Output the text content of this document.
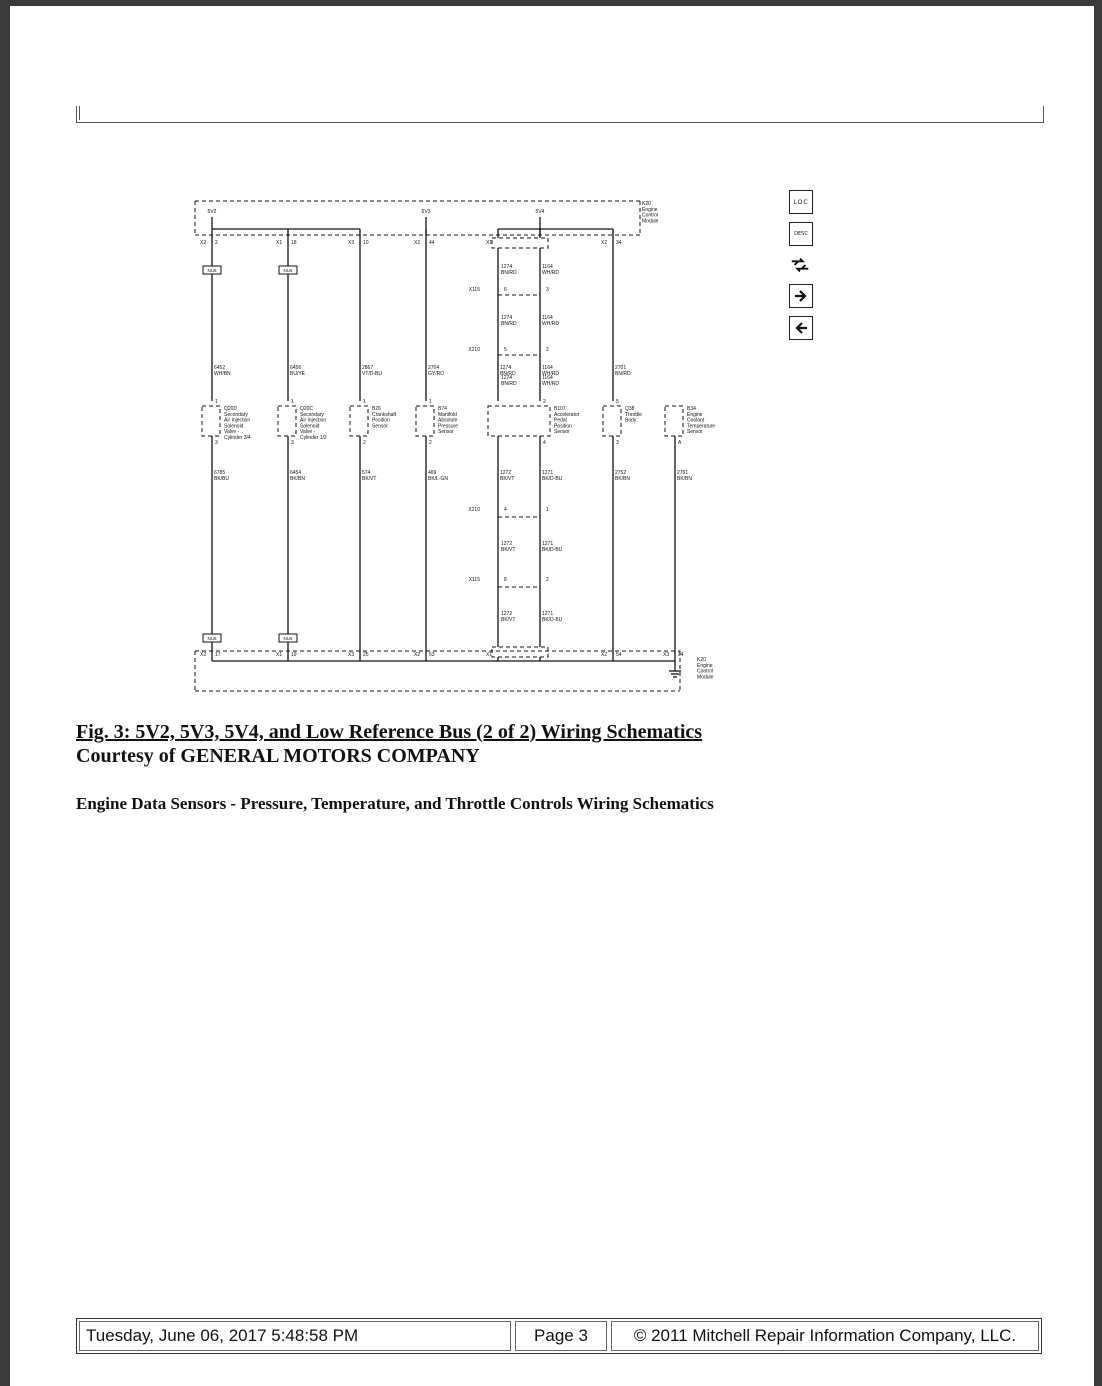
K20
Engine
Control
Module
5V2	5V3	5V4
X2 2
NU6
X1 18
NU6
X3 10	X2 44	X1	X2 34
6452
WH/BN
6456
BU/YE
2867
VT/D-BU
2704
GY/RD
1274
BN/RD
1164
WH/RD
2701
BN/RD
X115	6	3
1274
BN/RD
1164
WH/RD
X210	5	2
1274
BN/RD
1164
WH/RD
1274
BN/RD
1164
WH/RD
Q20D
Secondary
Air Injection
Solenoid
Valve -
Cylinder 3/4
1
3
Q20C
Secondary
Air Injection
Solenoid
Valve -
Cylinder 1/2
1
3
B26
Crankshaft
Position
Sensor
1
2
B74
Manifold
Absolute
Pressure
Sensor
1
2
B107
Accelerator
Pedal
Position
Sensor
2
4
Q38
Throttle
Body
5
3
B34
Engine
Coolant
Temperature
Sensor
A
6785
BK/BU
NU6
X2 17
6454
BK/BN
NU6
X1 19
574
BK/VT
X3 25
469
BK/L-GN
X2 63
1272
BK/VT
X1
1271
BK/D-BU
2752
BK/BN
X2 54
2761
BK/BN
X3 24
X210	4	1
1272
BK/VT
1271
BK/D-BU
X115	8	2
1272
BK/VT
1271
BK/D-BU
K20
Engine
Control
Module
LOC
DESC
Fig. 3: 5V2, 5V3, 5V4, and Low Reference Bus (2 of 2) Wiring Schematics
Courtesy of GENERAL MOTORS COMPANY
Engine Data Sensors - Pressure, Temperature, and Throttle Controls Wiring Schematics
Tuesday, June 06, 2017 5:48:58 PM	Page 3	© 2011 Mitchell Repair Information Company, LLC.
